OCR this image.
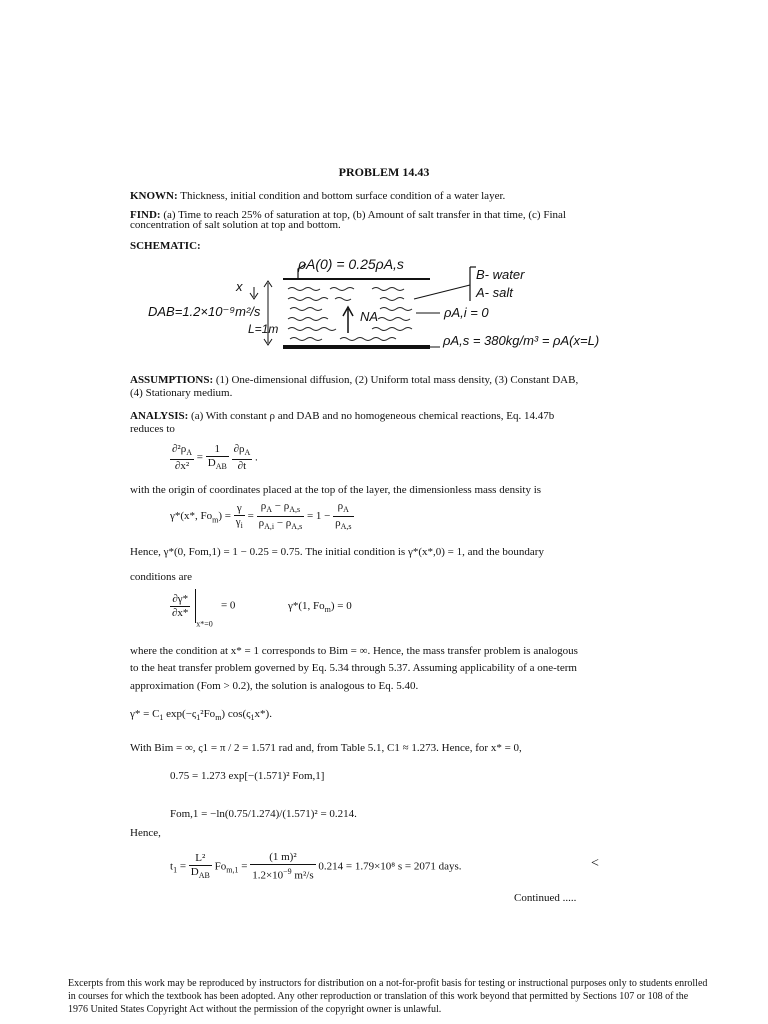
PROBLEM 14.43
KNOWN: Thickness, initial condition and bottom surface condition of a water layer.
FIND: (a) Time to reach 25% of saturation at top, (b) Amount of salt transfer in that time, (c) Final
concentration of salt solution at top and bottom.
SCHEMATIC:
ρA(0) = 0.25ρA,s
x
DAB=1.2×10⁻⁹m²/s
L=1m
NA
B- water
A- salt
ρA,i = 0
ρA,s = 380kg/m³ = ρA(x=L)
ASSUMPTIONS: (1) One-dimensional diffusion, (2) Uniform total mass density, (3) Constant DAB,
(4) Stationary medium.
ANALYSIS: (a) With constant ρ and DAB and no homogeneous chemical reactions, Eq. 14.47b
reduces to
$\frac{\partial^2\rho_A}{\text{∂x²}} = \frac{1}{D_{AB}}$
$\frac{\partial\rho_A}{\partial t}$ .
with the origin of coordinates placed at the top of the layer, the dimensionless mass density is
γ*(x*, $Fo_m) = \frac{\gamma}{\gamma_i} = \frac{\rho_A - \rho_{A,s}}{\rho_{A,i} - \rho_{A,s}} = 1 - \frac{\rho_A}{\rho_{A,s}}$
Hence, γ*(0, Fom,1) = 1 − 0.25 = 0.75. The initial condition is γ*(x*,0) = 1, and the boundary
conditions are
$\frac{\partial\gamma*}{\partial x*}$
$_{x*=0}$   = 0	γ*(1, $Fo_m) = 0$
where the condition at x* = 1 corresponds to Bim = ∞. Hence, the mass transfer problem is analogous
to the heat transfer problem governed by Eq. 5.34 through 5.37. Assuming applicability of a one-term
approximation (Fom > 0.2), the solution is analogous to Eq. 5.40.
$\gamma* = C_1$ $\exp(-\varsigma_1^2Fo_m)$ $\cos(\varsigma_1x*)$.
With Bim = ∞, ς1 = π / 2 = 1.571 rad and, from Table 5.1, C1 ≈ 1.273. Hence, for x* = 0,
0.75 = 1.273 exp[−(1.571)² Fom,1]
Fom,1 = −ln(0.75/1.274)/(1.571)² = 0.214.
Hence,
$t_1 = \frac{\text{L²}}{D_{AB}} Fo_{m,1} = \frac{\text{(1 m)²}}{1.2\times 10^{-9} m^2/s} 0.214 = 1.79\times 10^8$ s = 2071 days.	<
Continued .....
Excerpts from this work may be reproduced by instructors for distribution on a not-for-profit basis for testing or instructional purposes only to students enrolled in courses for which the textbook has been adopted. Any other reproduction or translation of this work beyond that permitted by Sections 107 or 108 of the 1976 United States Copyright Act without the permission of the copyright owner is unlawful.
